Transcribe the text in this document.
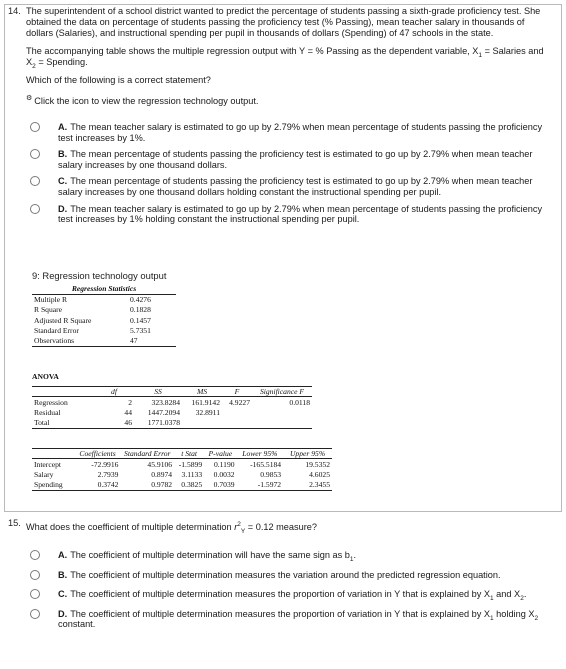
14. The superintendent of a school district wanted to predict the percentage of students passing a sixth-grade proficiency test. She obtained the data on percentage of students passing the proficiency test (% Passing), mean teacher salary in thousands of dollars (Salaries), and instructional spending per pupil in thousands of dollars (Spending) of 47 schools in the state.

The accompanying table shows the multiple regression output with Y = % Passing as the dependent variable, $X_1$ = Salaries and $X_2$ = Spending.

Which of the following is a correct statement?

⚙ Click the icon to view the regression technology output.

A. The mean teacher salary is estimated to go up by 2.79% when mean percentage of students passing the proficiency test increases by 1%.
B. The mean percentage of students passing the proficiency test is estimated to go up by 2.79% when mean teacher salary increases by one thousand dollars.
C. The mean percentage of students passing the proficiency test is estimated to go up by 2.79% when mean teacher salary increases by one thousand dollars holding constant the instructional spending per pupil.
D. The mean teacher salary is estimated to go up by 2.79% when mean percentage of students passing the proficiency test increases by 1% holding constant the instructional spending per pupil.
9: Regression technology output
Regression Statistics	
Multiple R	0.4276
R Square	0.1828
Adjusted R Square	0.1457
Standard Error	5.7351
Observations	47
ANOVA
	df	SS	MS	F	Significance F
Regression	2	323.8284	161.9142	4.9227	0.0118
Residual	44	1447.2094	32.8911		
Total	46	1771.0378			
	Coefficients	Standard Error	t Stat	P-value	Lower 95%	Upper 95%
Intercept	-72.9916	45.9106	-1.5899	0.1190	-165.5184	19.5352
Salary	2.7939	0.8974	3.1133	0.0032	0.9853	4.6025
Spending	0.3742	0.9782	0.3825	0.7039	-1.5972	2.3455
15. What does the coefficient of multiple determination $r^2_Y = 0.12$ measure?
A. The coefficient of multiple determination will have the same sign as $b_1$.
B. The coefficient of multiple determination measures the variation around the predicted regression equation.
C. The coefficient of multiple determination measures the proportion of variation in Y that is explained by $X_1$ and $X_2$.
D. The coefficient of multiple determination measures the proportion of variation in Y that is explained by $X_1$ holding $X_2$ constant.
